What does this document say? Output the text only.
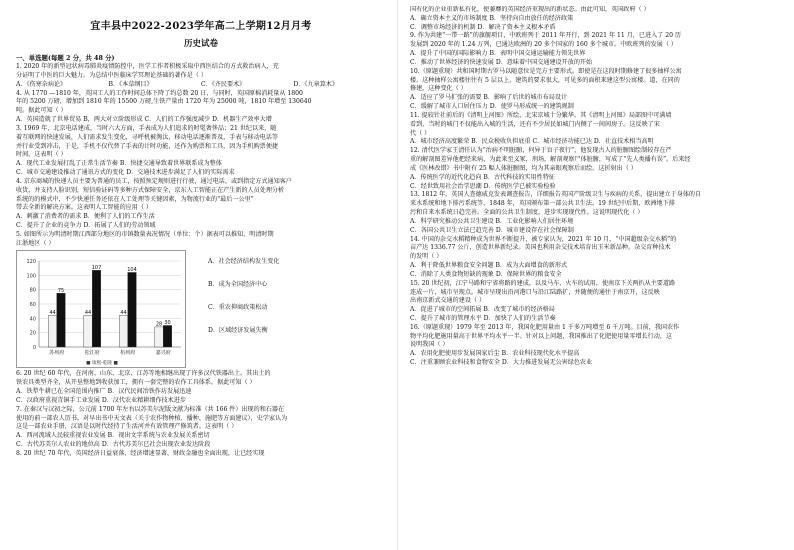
宜丰县中2022-2023学年高二上学期12月月考
历史试卷
一、单选题(每题 2 分，共 48 分)

1. 2020 年的新型冠状病毒肺炎疫情防控中，医学工作者积极采取中西医结合的方式救治病人，充

分证明了中医的巨大魅力。为总结中医临床学冥理论基础的著作是（ ）

A．《伤寒杂病论》	B．《本草纲目》	C．《齐民要术》	D．《九章算术》

4. 从 1770 —1810 年，英国工人的工作时间总体下降了约总数 20 日，与同时，英国原棉消耗量从 1800

年的 5200 万磅，增加到 1810 年的 15500 万磅,生铁产量由 1720 年为 25000 吨，1810 年增至 130640

吨。据此可知（ ）

A．英国造就了世界贸易 B，两大对立阶级形成 C．人们的工作强度减少 D．机器生产效率大增

3. 1969 年，北京电话建成，当时六大方面，手表成为人们追求的时髦奢侈品；21 世纪以来，随

着互联网的快速发展，人们需求发生变化，寻呼机被淘汰，移动电话逐渐普及，手表与移动电话等

并行业受到冲击，于是，手机不仅代替了手表的计时功能，还作为购票和工具，因为手机购票便捷

时间，这表明（ ）

A．现代工业发展打乱了正常生活节奏 B．快捷交通导致着世界联系成为整体

C．城市交通建设推动了通讯方式的变化 D．交通技术进步满足了人们的实际需求

4. 京东商城的快递人员主要为普通的员工，按照预定规则进行行驶，通过电话，或到指定方式通知客户

收货，并支持人脸识别，短信验证码等多种方式保障安全，京东人工智能正在产生新的人员处理分析

系统的的模式中，不少快递任务还依在人工处理等关键因素，为物流行业的“最后一公里”

带去全新的解决方案。这表明人工智能的应用（ ）

A．刺激了消费者的需求 B．便利了人们的工作生活

C．提升了企业的竞争力 D．拓展了人们的劳动领域

5. 如图所示为明清时期江西部分地区的市镇数量表况情况（单位：个）据表可以推知，明清时期

江浙地区（ ）

120
100
80
60
40
20
0
44
75
苏州府
44
107
松江府
44
104
杭州府
28 30
嘉兴府
■ 康熙-乾隆 ■
A．社会经济结构发生变化
B．成为全国经济中心
C．重农抑商政策松动
D．区域经济发展失衡

6. 20 世纪 60 年代，在河南、山东、北京、江苏等地相继出现了许多汉代铁器出土。其出土的

铁农具类型齐全，从开垦整地到收获加工，拥有一套完整的农作工具体系。据此可知（ ）

A．铁犁牛耕已在全国范围内推广 B．汉代民间冶铁作坊发展迅速

C．汉政府重视青铜手工业发展 D．汉代农业精耕细作技术进步

7. 在秦汉与汉初之际，公元前 1700 年左右以苏美尔泥版文献为标准（共 166 件）出现的和石器在

使用的前一部农人历书。对早出书中天文表（关于农作物种植、播种、施肥等方面建议），史学家认为

这是一部农业手册，汉语是以时代经持了生活河并有效管理产修筑者。这表明（ ）

A．西河流域人民较重视农业发展 B．视出文字系统与农业发展关系密切

C．古代苏美尔人农业的地位高 D．古代苏美尔已社会出现农业发达阶段

8. 20 世纪 70 年代，英国经济日益衰落，经济增速显著，财政金融也全面出现，让已经实现

国有化的企业重新私有化，使萎靡的英国经济重现出的新状态。由此可知，英国政府（ ）

A．确立资本主义的市场制度 B．坚持向自由放任的经济政策

C．调整市场经济的机制 D．解决了资本主义根本矛盾

9. 作为共建“一带一路”的旗舰项目，中欧班列于 2011 年开行，到 2021 年 11 月，已进入了 20 历

发展到 2020 年的 1.24 万列，已通达欧洲的 20 多个国家的 160 多个城市。中欧班列的发展（ ）

A．提升了中国的国际影响力 B．表明中国交通运输能力领先世界

C．推动了世界经济的快速发展 D．意味着中国交通建设开放的开始

10.（原题重现）共和国时期古罗马以随意位是完方主要形式。即使是在这段时期修建了很多抽样公寓

楼。这种抽样公寓楼往往有 5 层以上，建筑的要求很大，可见多的面积来建这型公寓楼。道，在同的

修建，这种变化（ ）

A．适应了罗马扩张的需要 B．影响了后世的城市布局设计

C．缓解了城市人口居住压力 D．使罗马形成统一的建筑规制

11. 提较针社前后的《清明上河图》所绘，北宋京城十分繁华。其《清明上河图》局部图中可满墙

看到，当时的城门不仅能出入城的生活，还有不少居民如城门内侧了一间间房子。这反映了宋

代（ ）

A．城市经济高度繁荣 B．民众税收负担底重 C．城市经济功能已达 D．社直技术相当高明

12. 清代医学家王清任认为“治病不明脏腑，何异于盲子夜行”，他发现古人的脏腑图绘制较存在严

重的解剖图差异他把经来病，为此来至义冢，刑场，解剖观察尸体脏腑，写成了“先人类播有误”。后来经

成《医林改错》书中附有 25 幅人体脏腑图，均为其亲眼观察后而绘。这折射出（ ）

A．传统医学的近代化趋向 B．古代科技的实用性特征

C．经世致用社会治学思潮 D．传统医学已被实验检验

13. 1812 年，英国人查德威克发表调查报告，详细报告英国产阶级卫生与疾病的关系，提出建立于身体的自

来水系统和地下排污系统等，1848 年，英国颁布第一部公共卫生法。19 世纪中后期，欧洲地下排

污和自来水系统日趋完善。全面的公共卫生制度，进步实现现代性。这说明现代化（ ）

A．科学研究推动公共卫生建设 B．工业化影响人们居住环境

C．各国公共卫生立法已趋完善 D．城市建设存在社会保障制

14. 中国的杂交水稻精种成为世界不断提升，被专家认为，2021 年 10 月，“中国超级杂交水稻”的

亩产达 1336.77 公斤，创造世界新纪录。美国也利用杂交技术培育出玉米新品种。杂交育种技术

的发明（ ）

A．利于降低世界粮食安全问题 B．成为大面增食的新形式

C．消除了人类食物短缺的现象 D．保障世界的粮食安全

15. 20 世纪初，江宁马路和宁省将路的建成，以及马车、火车的试用，使南京下关两扒从主要道路

连成一片，城市呈现点。城市呈现出沿河港口与沿江陆路扩，并随便的通往于南京开，这反映

出南京新式交通的建设（ ）

A．促进了城市的空间拓展 B．改变了城市的经济格局

C．提升了城市的管理水平 D．加快了人们的生活节奏

16.（原题重现）1979 年至 2013 年，我国化肥用量由 1 千多万吨增至 6 千万吨。目前，我国农作

物平均化肥施用量高于世界平均水平一半。针对以上问题，我国推出了化肥使用量零增长行动，这

说明我国（ ）

A．农用化肥使用步发展国家后尘 B．农业科技现代化水平提高

C．注重兼顾农业科技和食物安全 D．大力推进发展无公害绿色农业
